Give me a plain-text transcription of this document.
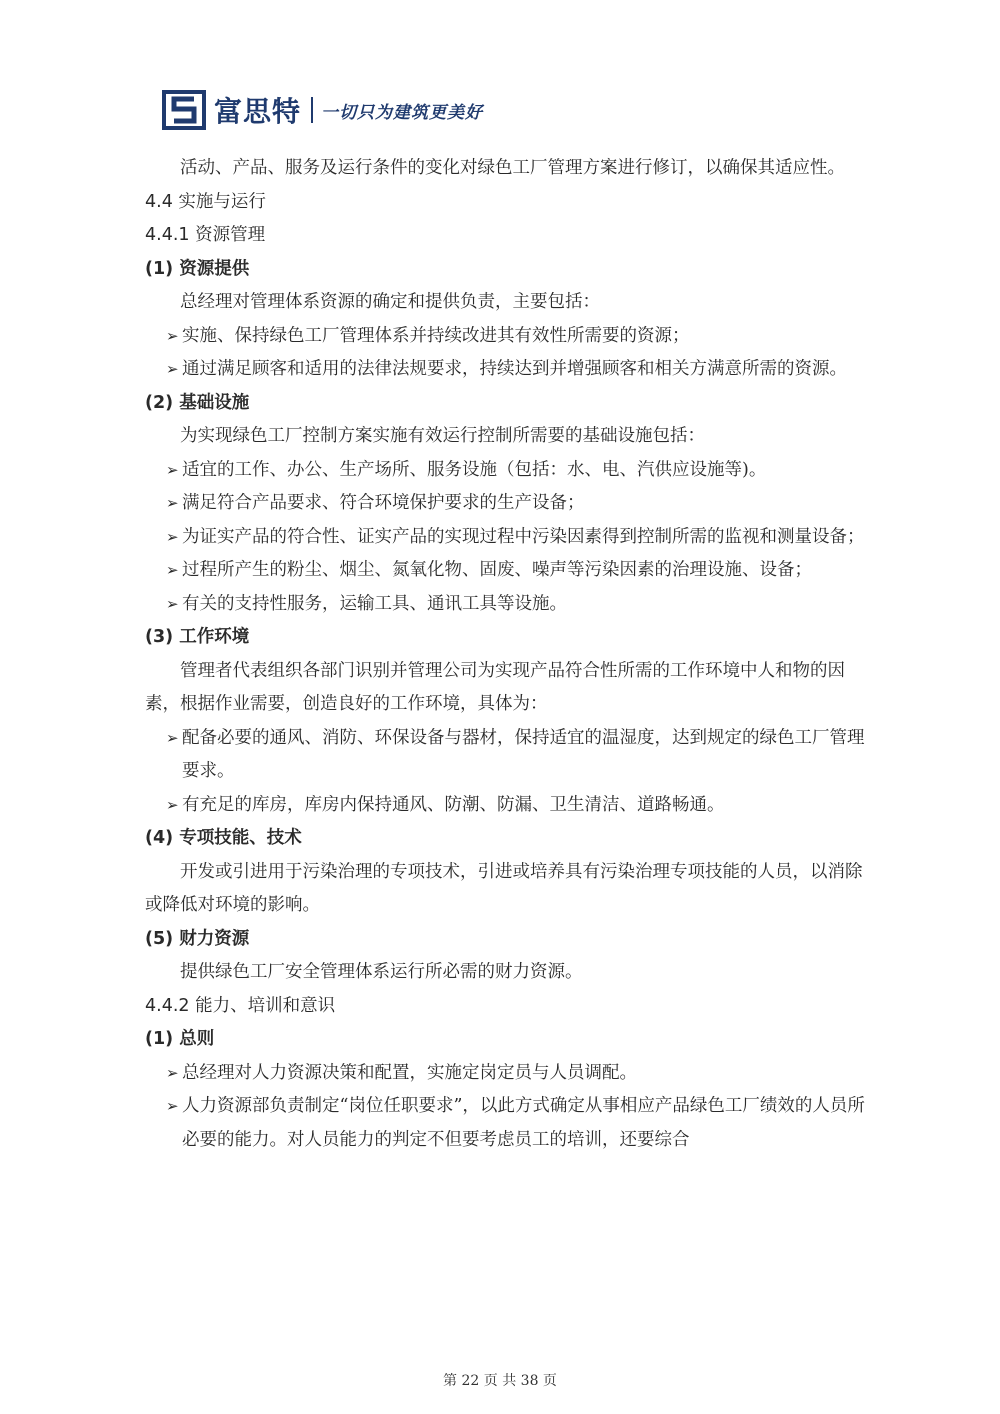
富思特 一切只为建筑更美好

活动、产品、服务及运行条件的变化对绿色工厂管理方案进行修订，以确保其适应性。

4.4 实施与运行

4.4.1 资源管理

(1) 资源提供

总经理对管理体系资源的确定和提供负责，主要包括：

➢ 实施、保持绿色工厂管理体系并持续改进其有效性所需要的资源；

➢ 通过满足顾客和适用的法律法规要求，持续达到并增强顾客和相关方满意所需的资源。

(2) 基础设施

为实现绿色工厂控制方案实施有效运行控制所需要的基础设施包括：

➢ 适宜的工作、办公、生产场所、服务设施（包括：水、电、汽供应设施等)。

➢ 满足符合产品要求、符合环境保护要求的生产设备；

➢ 为证实产品的符合性、证实产品的实现过程中污染因素得到控制所需的监视和测量设备；

➢ 过程所产生的粉尘、烟尘、氮氧化物、固废、噪声等污染因素的治理设施、设备；

➢ 有关的支持性服务，运输工具、通讯工具等设施。

(3) 工作环境

管理者代表组织各部门识别并管理公司为实现产品符合性所需的工作环境中人和物的因素，根据作业需要，创造良好的工作环境，具体为：

➢ 配备必要的通风、消防、环保设备与器材，保持适宜的温湿度，达到规定的绿色工厂管理要求。

➢ 有充足的库房，库房内保持通风、防潮、防漏、卫生清洁、道路畅通。

(4) 专项技能、技术

开发或引进用于污染治理的专项技术，引进或培养具有污染治理专项技能的人员，以消除或降低对环境的影响。

(5) 财力资源

提供绿色工厂安全管理体系运行所必需的财力资源。

4.4.2 能力、培训和意识

(1) 总则

➢ 总经理对人力资源决策和配置，实施定岗定员与人员调配。

➢ 人力资源部负责制定“岗位任职要求”，以此方式确定从事相应产品绿色工厂绩效的人员所必要的能力。对人员能力的判定不但要考虑员工的培训，还要综合

第 22 页 共 38 页
